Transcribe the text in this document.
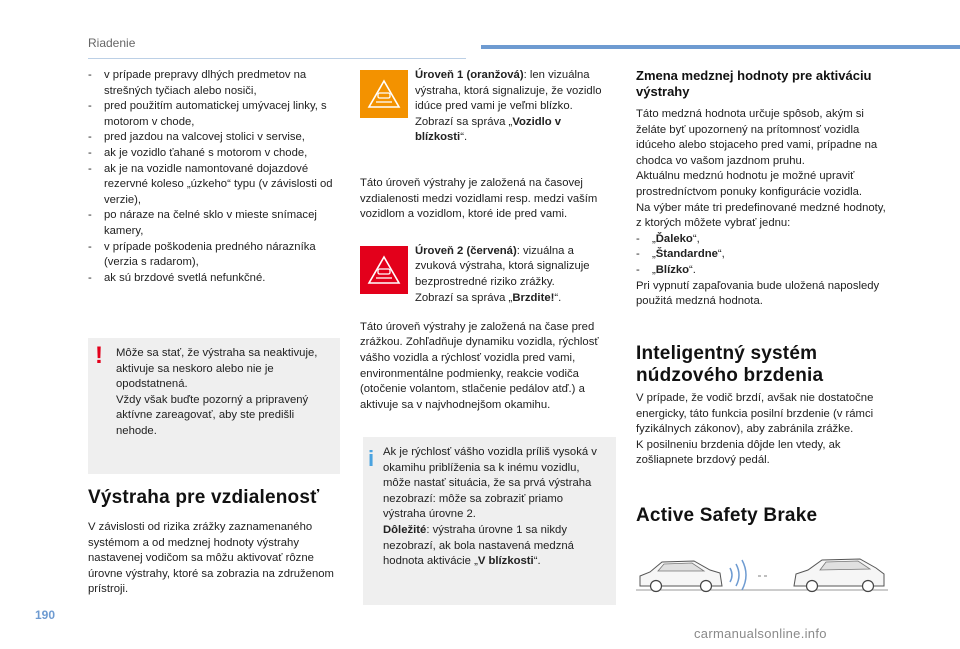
Riadenie
- v prípade prepravy dlhých predmetov na strešných tyčiach alebo nosiči,
- pred použitím automatickej umývacej linky, s motorom v chode,
- pred jazdou na valcovej stolici v servise,
- ak je vozidlo ťahané s motorom v chode,
- ak je na vozidle namontované dojazdové rezervné koleso „úzkeho“ typu (v závislosti od verzie),
- po náraze na čelné sklo v mieste snímacej kamery,
- v prípade poškodenia predného nárazníka (verzia s radarom),
- ak sú brzdové svetlá nefunkčné.
! Môže sa stať, že výstraha sa neaktivuje, aktivuje sa neskoro alebo nie je opodstatnená.
Vždy však buďte pozorný a pripravený aktívne zareagovať, aby ste predišli nehode.
Výstraha pre vzdialenosť
V závislosti od rizika zrážky zaznamenaného systémom a od medznej hodnoty výstrahy nastavenej vodičom sa môžu aktivovať rôzne úrovne výstrahy, ktoré sa zobrazia na združenom prístroji.
Úroveň 1 (oranžová): len vizuálna výstraha, ktorá signalizuje, že vozidlo idúce pred vami je veľmi blízko.
Zobrazí sa správa „Vozidlo v blízkosti“.
Táto úroveň výstrahy je založená na časovej vzdialenosti medzi vozidlami resp. medzi vaším vozidlom a vozidlom, ktoré ide pred vami.
Úroveň 2 (červená): vizuálna a zvuková výstraha, ktorá signalizuje bezprostredné riziko zrážky.
Zobrazí sa správa „Brzdite!“.
Táto úroveň výstrahy je založená na čase pred zrážkou. Zohľadňuje dynamiku vozidla, rýchlosť vášho vozidla a rýchlosť vozidla pred vami, environmentálne podmienky, reakcie vodiča (otočenie volantom, stlačenie pedálov atď.) a aktivuje sa v najvhodnejšom okamihu.
i Ak je rýchlosť vášho vozidla príliš vysoká v okamihu priblíženia sa k inému vozidlu, môže nastať situácia, že sa prvá výstraha nezobrazí: môže sa zobraziť priamo výstraha úrovne 2.
Dôležité: výstraha úrovne 1 sa nikdy nezobrazí, ak bola nastavená medzná hodnota aktivácie „V blízkosti“.
Zmena medznej hodnoty pre aktiváciu výstrahy
Táto medzná hodnota určuje spôsob, akým si želáte byť upozornený na prítomnosť vozidla idúceho alebo stojaceho pred vami, prípadne na chodca vo vašom jazdnom pruhu.
Aktuálnu medznú hodnotu je možné upraviť prostredníctvom ponuky konfigurácie vozidla.
Na výber máte tri predefinované medzné hodnoty, z ktorých môžete vybrať jednu:
- „Ďaleko“,
- „Štandardne“,
- „Blízko“.
Pri vypnutí zapaľovania bude uložená naposledy použitá medzná hodnota.
Inteligentný systém núdzového brzdenia
V prípade, že vodič brzdí, avšak nie dostatočne energicky, táto funkcia posilní brzdenie (v rámci fyzikálnych zákonov), aby zabránila zrážke.
K posilneniu brzdenia dôjde len vtedy, ak zošliapnete brzdový pedál.
Active Safety Brake
190
carmanualsonline.info
